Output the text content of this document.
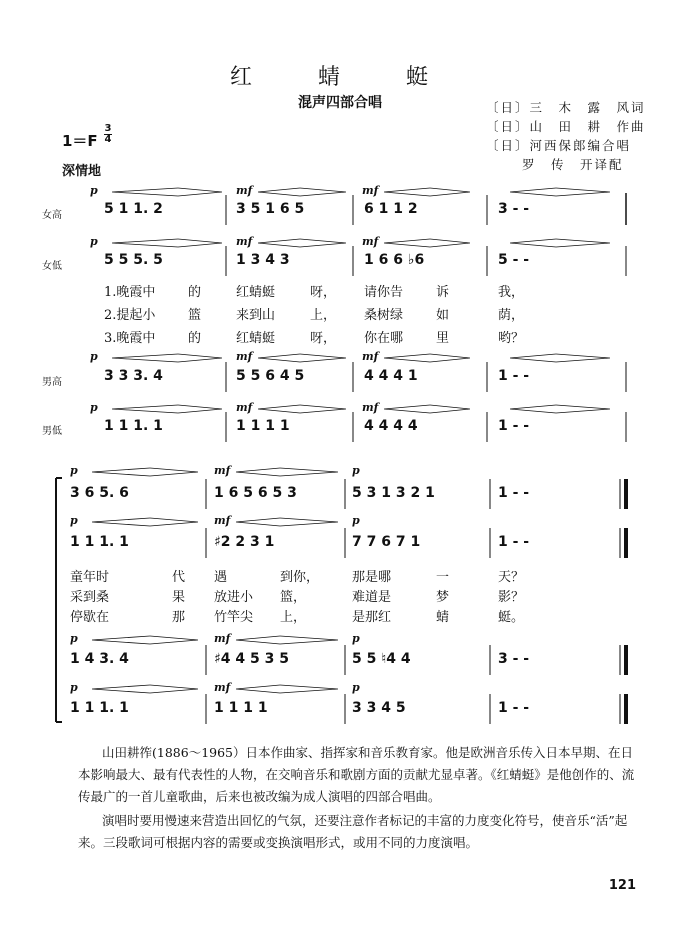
红　蜻　蜓
混声四部合唱	〔日〕三　木　露　风词
〔日〕山　田　耕　作曲
〔日〕河西保郎编合唱
罗　传　开译配
1＝F
3
4
深情地
山田耕筰(1886～1965）日本作曲家、指挥家和音乐教育家。他是欧洲音乐传入日本早期、在日本影响最大、最有代表性的人物，在交响音乐和歌剧方面的贡献尤显卓著。《红蜻蜓》是他创作的、流传最广的一首儿童歌曲，后来也被改编为成人演唱的四部合唱曲。
演唱时要用慢速来营造出回忆的气氛，还要注意作者标记的丰富的力度变化符号，使音乐“活”起来。三段歌词可根据内容的需要或变换演唱形式，或用不同的力度演唱。
121
女高
p	mf	mf
5 1 1. 2	3 5 1 6 5	6 1 1 2	3 - -
女低
p	mf	mf
5 5 5. 5	1 3 4 3	1 6 6 ♭6	5 - -
男高
p	mf	mf
3 3 3. 4	5 5 6 4 5	4 4 4 1	1 - -
男低
p	mf	mf
1 1 1. 1	1 1 1 1	4 4 4 4	1 - -
1.晚霞中	的	红蜻蜓	呀， 请你告	诉	我，
2.提起小	篮	来到山	上， 桑树绿	如	荫，
3.晚霞中	的	红蜻蜓	呀， 你在哪	里	哟？
p	mf	p
3 6 5. 6	1 6 5 6 5 3	5 3 1 3 2 1	1 - -
p	mf	p
1 1 1. 1	♯2 2 3 1	7 7 6 7 1	1 - -
p	mf	p
1 4 3. 4	♯4 4 5 3 5	5 5 ♮4 4	3 - -
p	mf	p
1 1 1. 1	1 1 1 1	3 3 4 5	1 - -
童年时	代 遇	到你，	那是哪	一	天？
采到桑	果 放进小 篮，	难道是	梦	影？
停歇在	那 竹竿尖 上，	是那红	蜻	蜓。
